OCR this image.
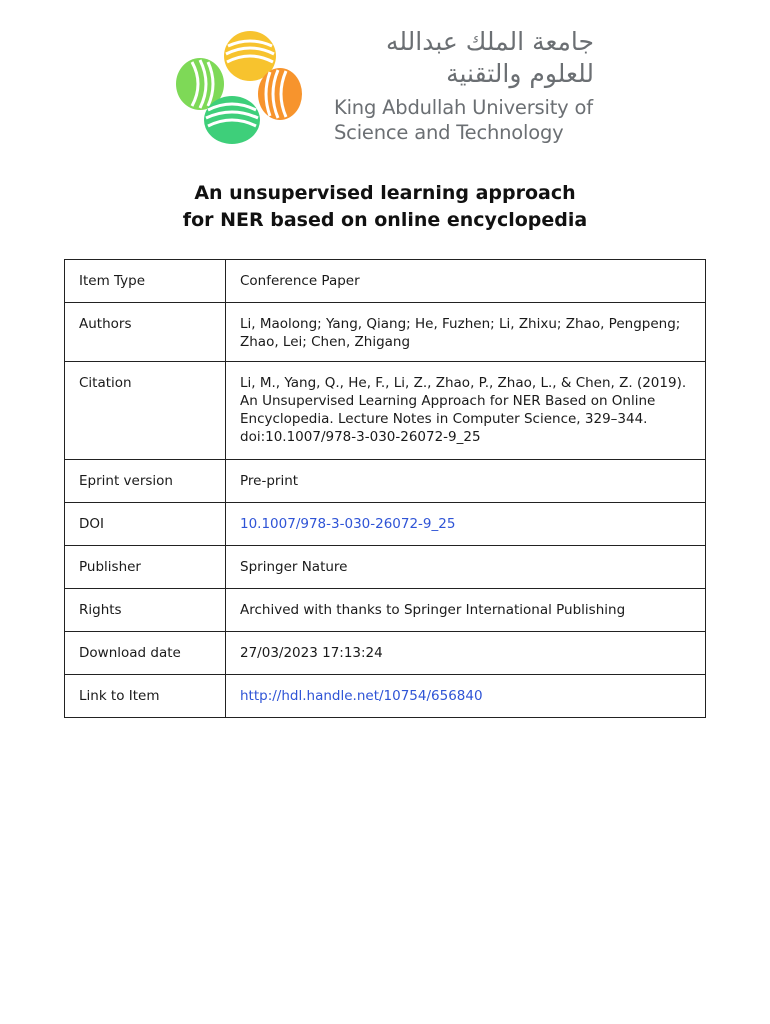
جامعة الملك عبدالله
للعلوم والتقنية
King Abdullah University of
Science and Technology
An unsupervised learning approach
for NER based on online encyclopedia
Item Type	Conference Paper

Authors	Li, Maolong; Yang, Qiang; He, Fuzhen; Li, Zhixu; Zhao, Pengpeng;
Zhao, Lei; Chen, Zhigang

Citation	Li, M., Yang, Q., He, F., Li, Z., Zhao, P., Zhao, L., & Chen, Z. (2019).
An Unsupervised Learning Approach for NER Based on Online
Encyclopedia. Lecture Notes in Computer Science, 329–344.
doi:10.1007/978-3-030-26072-9_25

Eprint version	Pre-print

DOI	10.1007/978-3-030-26072-9_25

Publisher	Springer Nature

Rights	Archived with thanks to Springer International Publishing

Download date	27/03/2023 17:13:24

Link to Item	http://hdl.handle.net/10754/656840
